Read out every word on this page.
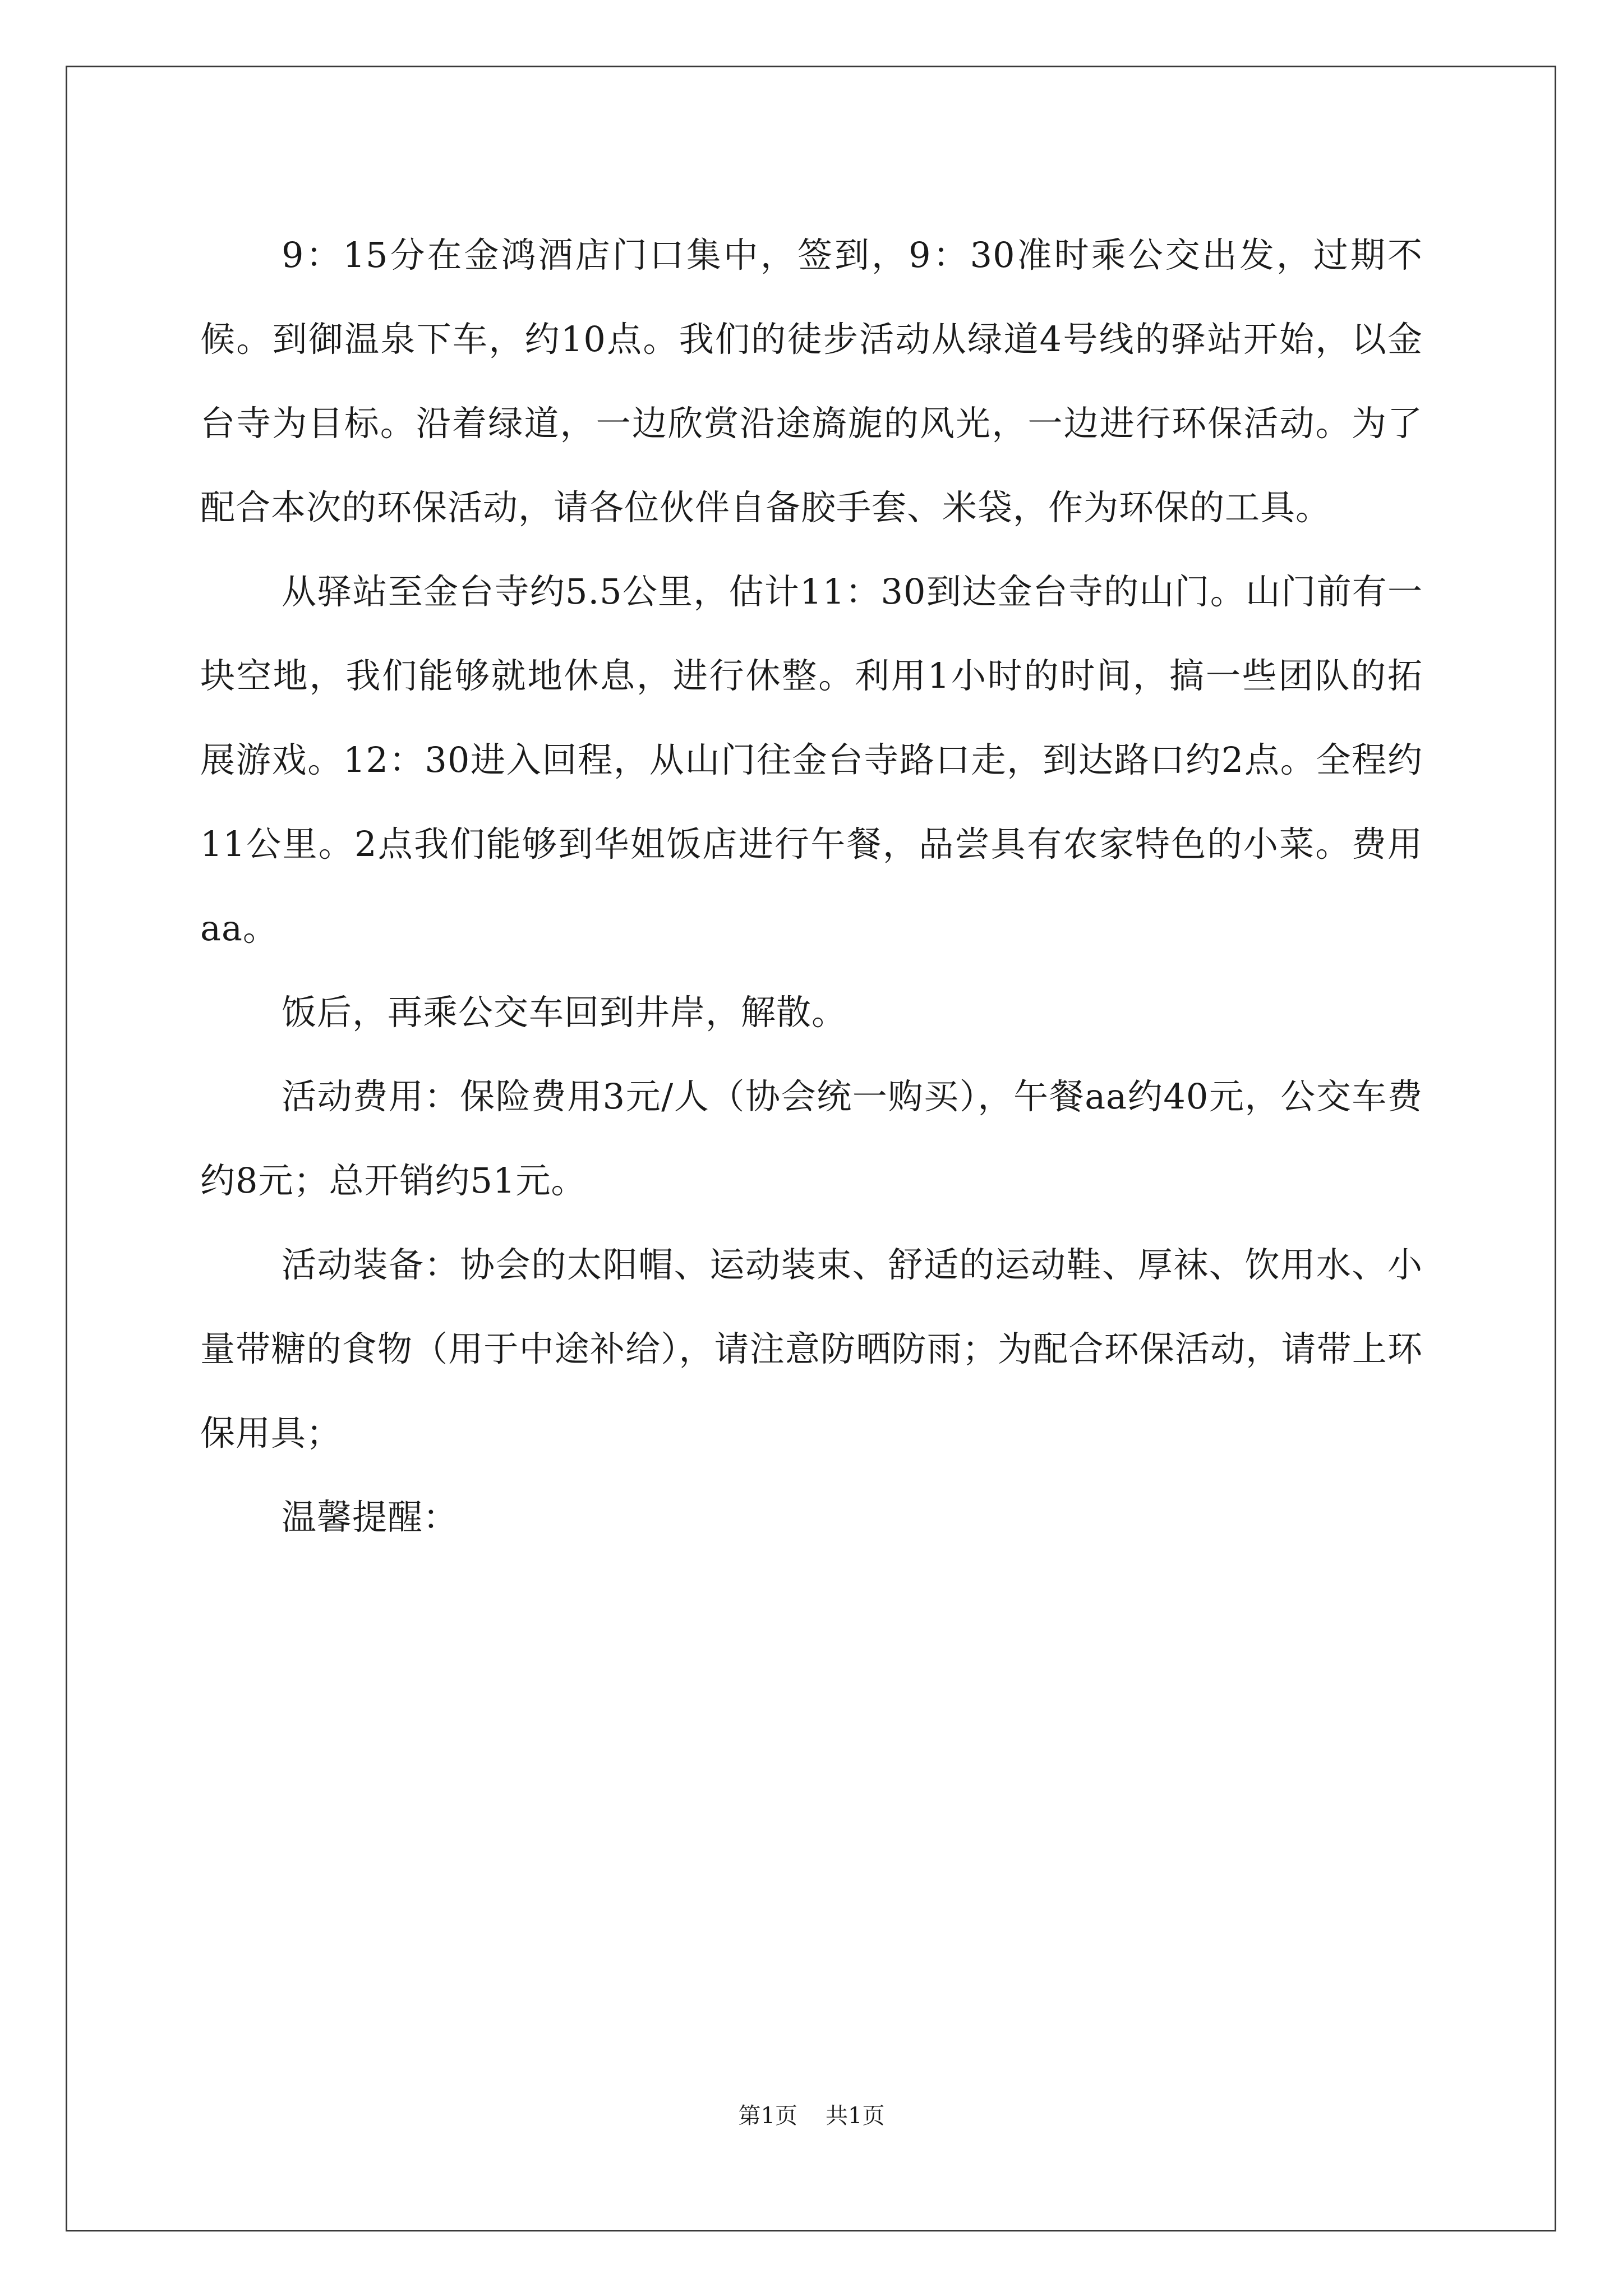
9：15分在金鸿酒店门口集中，签到，9：30准时乘公交出发，过期不候。到御温泉下车，约10点。我们的徒步活动从绿道4号线的驿站开始，以金台寺为目标。沿着绿道，一边欣赏沿途旖旎的风光，一边进行环保活动。为了配合本次的环保活动，请各位伙伴自备胶手套、米袋，作为环保的工具。

从驿站至金台寺约5.5公里，估计11：30到达金台寺的山门。山门前有一块空地，我们能够就地休息，进行休整。利用1小时的时间，搞一些团队的拓展游戏。12：30进入回程，从山门往金台寺路口走，到达路口约2点。全程约11公里。2点我们能够到华姐饭店进行午餐，品尝具有农家特色的小菜。费用aa。

饭后，再乘公交车回到井岸，解散。

活动费用：保险费用3元/人（协会统一购买），午餐aa约40元，公交车费约8元；总开销约51元。

活动装备：协会的太阳帽、运动装束、舒适的运动鞋、厚袜、饮用水、小量带糖的食物（用于中途补给），请注意防晒防雨；为配合环保活动，请带上环保用具；

温馨提醒：

第1页 共1页
